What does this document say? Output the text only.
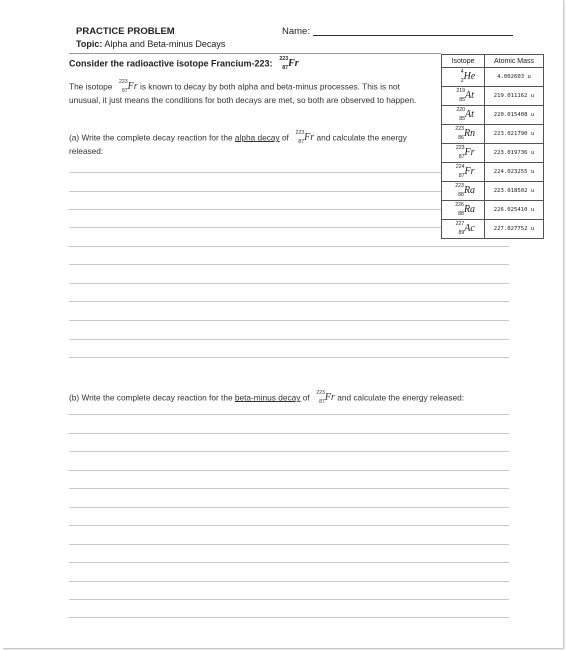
PRACTICE PROBLEM
Topic: Alpha and Beta-minus Decays
Name:
Consider the radioactive isotope Francium-223: 223
87 Fr
The isotope 223
87 Fr is known to decay by both alpha and beta-minus processes. This is not unusual, it just means the conditions for both decays are met, so both are observed to happen.
(a) Write the complete decay reaction for the alpha decay of 223
87 Fr and calculate the energy released:
Isotope	Atomic Mass

4
2 He	4.002603 u

219
85 At	219.011162 u

220
85 At	220.015408 u

223
86 Rn	223.021790 u

223
87 Fr	223.019736 u

224
87 Fr	224.023255 u

223
88 Ra	223.018502 u

226
88 Ra	226.025410 u

227
89 Ac	227.027752 u
(b) Write the complete decay reaction for the beta-minus decay of 223
87 Fr and calculate the energy released:
